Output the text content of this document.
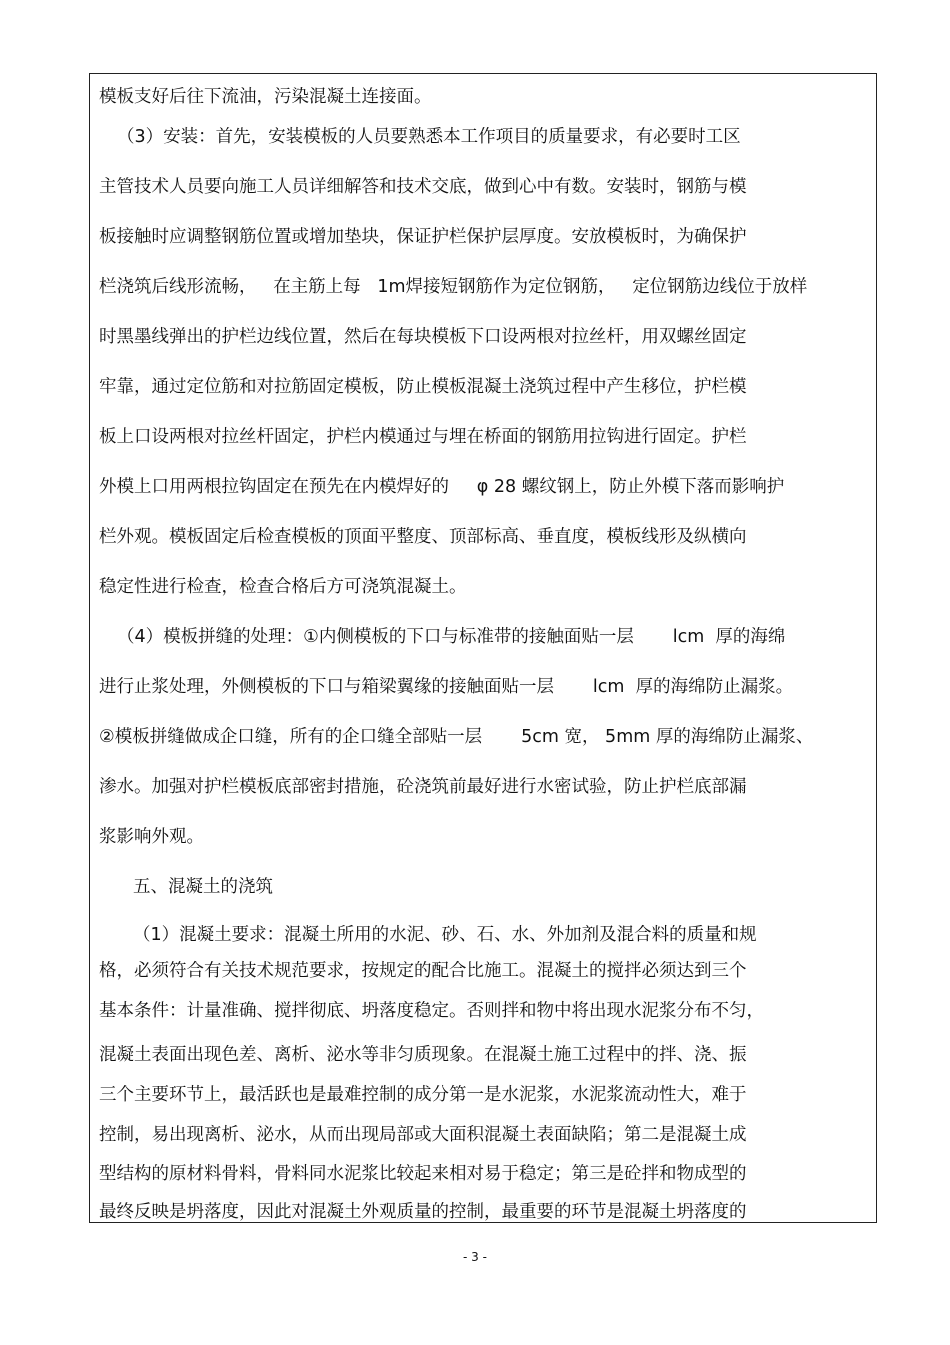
模板支好后往下流油，污染混凝土连接面。
（3）安装：首先，安装模板的人员要熟悉本工作项目的质量要求，有必要时工区
主管技术人员要向施工人员详细解答和技术交底，做到心中有数。安装时，钢筋与模
板接触时应调整钢筋位置或增加垫块，保证护栏保护层厚度。安放模板时，为确保护
栏浇筑后线形流畅，   在主筋上每   1m焊接短钢筋作为定位钢筋，   定位钢筋边线位于放样
时黑墨线弹出的护栏边线位置，然后在每块模板下口设两根对拉丝杆，用双螺丝固定
牢靠，通过定位筋和对拉筋固定模板，防止模板混凝土浇筑过程中产生移位，护栏模
板上口设两根对拉丝杆固定，护栏内模通过与埋在桥面的钢筋用拉钩进行固定。护栏
外模上口用两根拉钩固定在预先在内模焊好的     φ 28 螺纹钢上，防止外模下落而影响护
栏外观。模板固定后检查模板的顶面平整度、顶部标高、垂直度，模板线形及纵横向
稳定性进行检查，检查合格后方可浇筑混凝土。
（4）模板拼缝的处理：①内侧模板的下口与标准带的接触面贴一层       lcm  厚的海绵
进行止浆处理，外侧模板的下口与箱梁翼缘的接触面贴一层       lcm  厚的海绵防止漏浆。
②模板拼缝做成企口缝，所有的企口缝全部贴一层       5cm 宽， 5mm 厚的海绵防止漏浆、
渗水。加强对护栏模板底部密封措施，砼浇筑前最好进行水密试验，防止护栏底部漏
浆影响外观。
五、混凝土的浇筑
（1）混凝土要求：混凝土所用的水泥、砂、石、水、外加剂及混合料的质量和规
格，必须符合有关技术规范要求，按规定的配合比施工。混凝土的搅拌必须达到三个
基本条件：计量准确、搅拌彻底、坍落度稳定。否则拌和物中将出现水泥浆分布不匀，
混凝土表面出现色差、离析、泌水等非匀质现象。在混凝土施工过程中的拌、浇、振
三个主要环节上，最活跃也是最难控制的成分第一是水泥浆，水泥浆流动性大，难于
控制，易出现离析、泌水，从而出现局部或大面积混凝土表面缺陷；第二是混凝土成
型结构的原材料骨料，骨料同水泥浆比较起来相对易于稳定；第三是砼拌和物成型的
最终反映是坍落度，因此对混凝土外观质量的控制，最重要的环节是混凝土坍落度的
- 3 -
